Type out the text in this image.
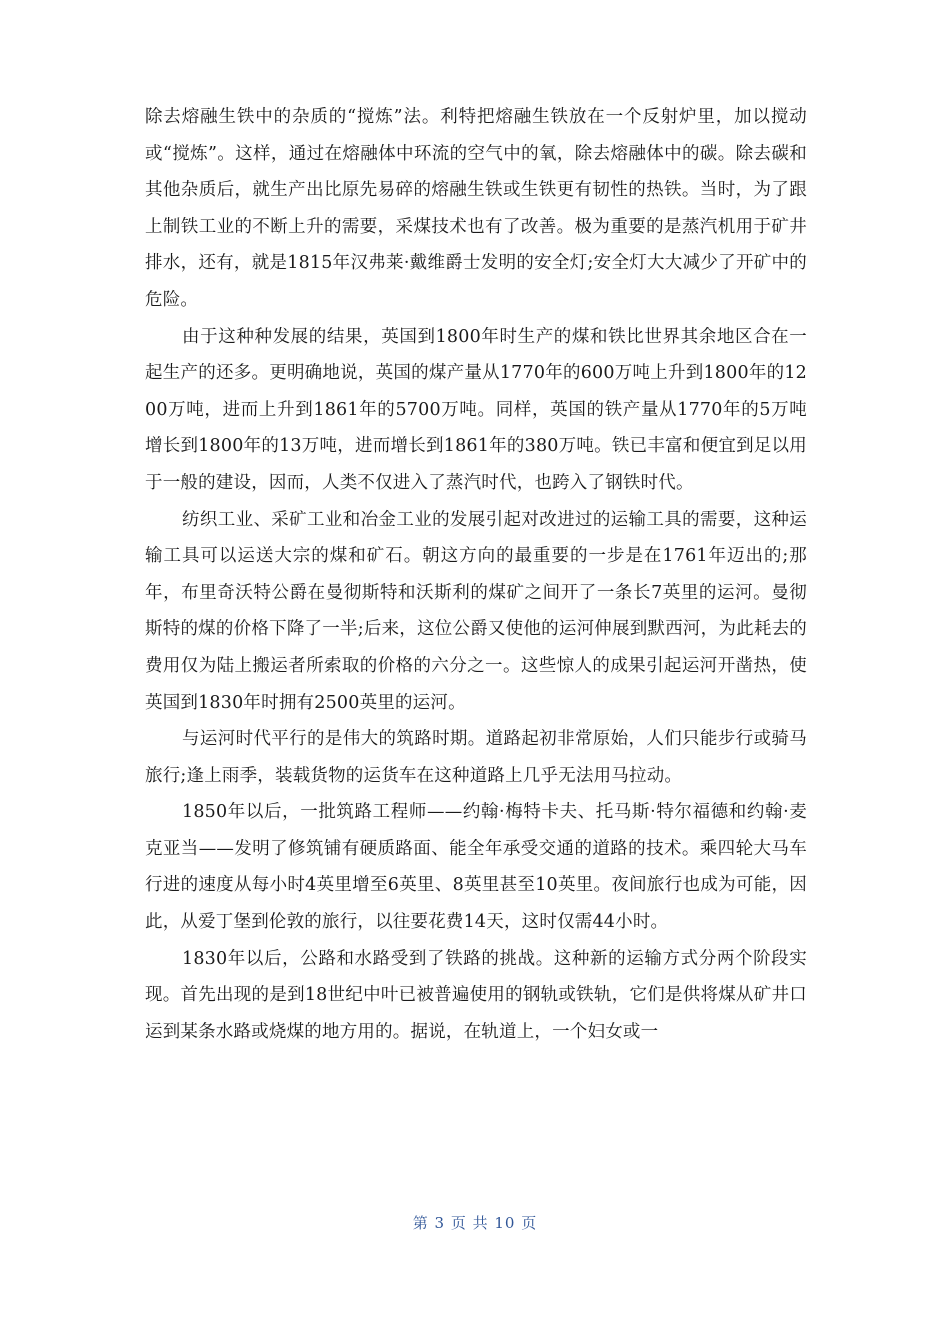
除去熔融生铁中的杂质的“搅炼”法。利特把熔融生铁放在一个反射炉里，加以搅动或“搅炼”。这样，通过在熔融体中环流的空气中的氧，除去熔融体中的碳。除去碳和其他杂质后，就生产出比原先易碎的熔融生铁或生铁更有韧性的热铁。当时，为了跟上制铁工业的不断上升的需要，采煤技术也有了改善。极为重要的是蒸汽机用于矿井排水，还有，就是1815年汉弗莱·戴维爵士发明的安全灯;安全灯大大减少了开矿中的危险。

由于这种种发展的结果，英国到1800年时生产的煤和铁比世界其余地区合在一起生产的还多。更明确地说，英国的煤产量从1770年的600万吨上升到1800年的1200万吨，进而上升到1861年的5700万吨。同样，英国的铁产量从1770年的5万吨增长到1800年的13万吨，进而增长到1861年的380万吨。铁已丰富和便宜到足以用于一般的建设，因而，人类不仅进入了蒸汽时代，也跨入了钢铁时代。

纺织工业、采矿工业和冶金工业的发展引起对改进过的运输工具的需要，这种运输工具可以运送大宗的煤和矿石。朝这方向的最重要的一步是在1761年迈出的;那年，布里奇沃特公爵在曼彻斯特和沃斯利的煤矿之间开了一条长7英里的运河。曼彻斯特的煤的价格下降了一半;后来，这位公爵又使他的运河伸展到默西河，为此耗去的费用仅为陆上搬运者所索取的价格的六分之一。这些惊人的成果引起运河开凿热，使英国到1830年时拥有2500英里的运河。

与运河时代平行的是伟大的筑路时期。道路起初非常原始，人们只能步行或骑马旅行;逢上雨季，装载货物的运货车在这种道路上几乎无法用马拉动。

1850年以后，一批筑路工程师——约翰·梅特卡夫、托马斯·特尔福德和约翰·麦克亚当——发明了修筑铺有硬质路面、能全年承受交通的道路的技术。乘四轮大马车行进的速度从每小时4英里增至6英里、8英里甚至10英里。夜间旅行也成为可能，因此，从爱丁堡到伦敦的旅行，以往要花费14天，这时仅需44小时。

1830年以后，公路和水路受到了铁路的挑战。这种新的运输方式分两个阶段实现。首先出现的是到18世纪中叶已被普遍使用的钢轨或铁轨，它们是供将煤从矿井口运到某条水路或烧煤的地方用的。据说，在轨道上，一个妇女或一

第 3 页 共 10 页
